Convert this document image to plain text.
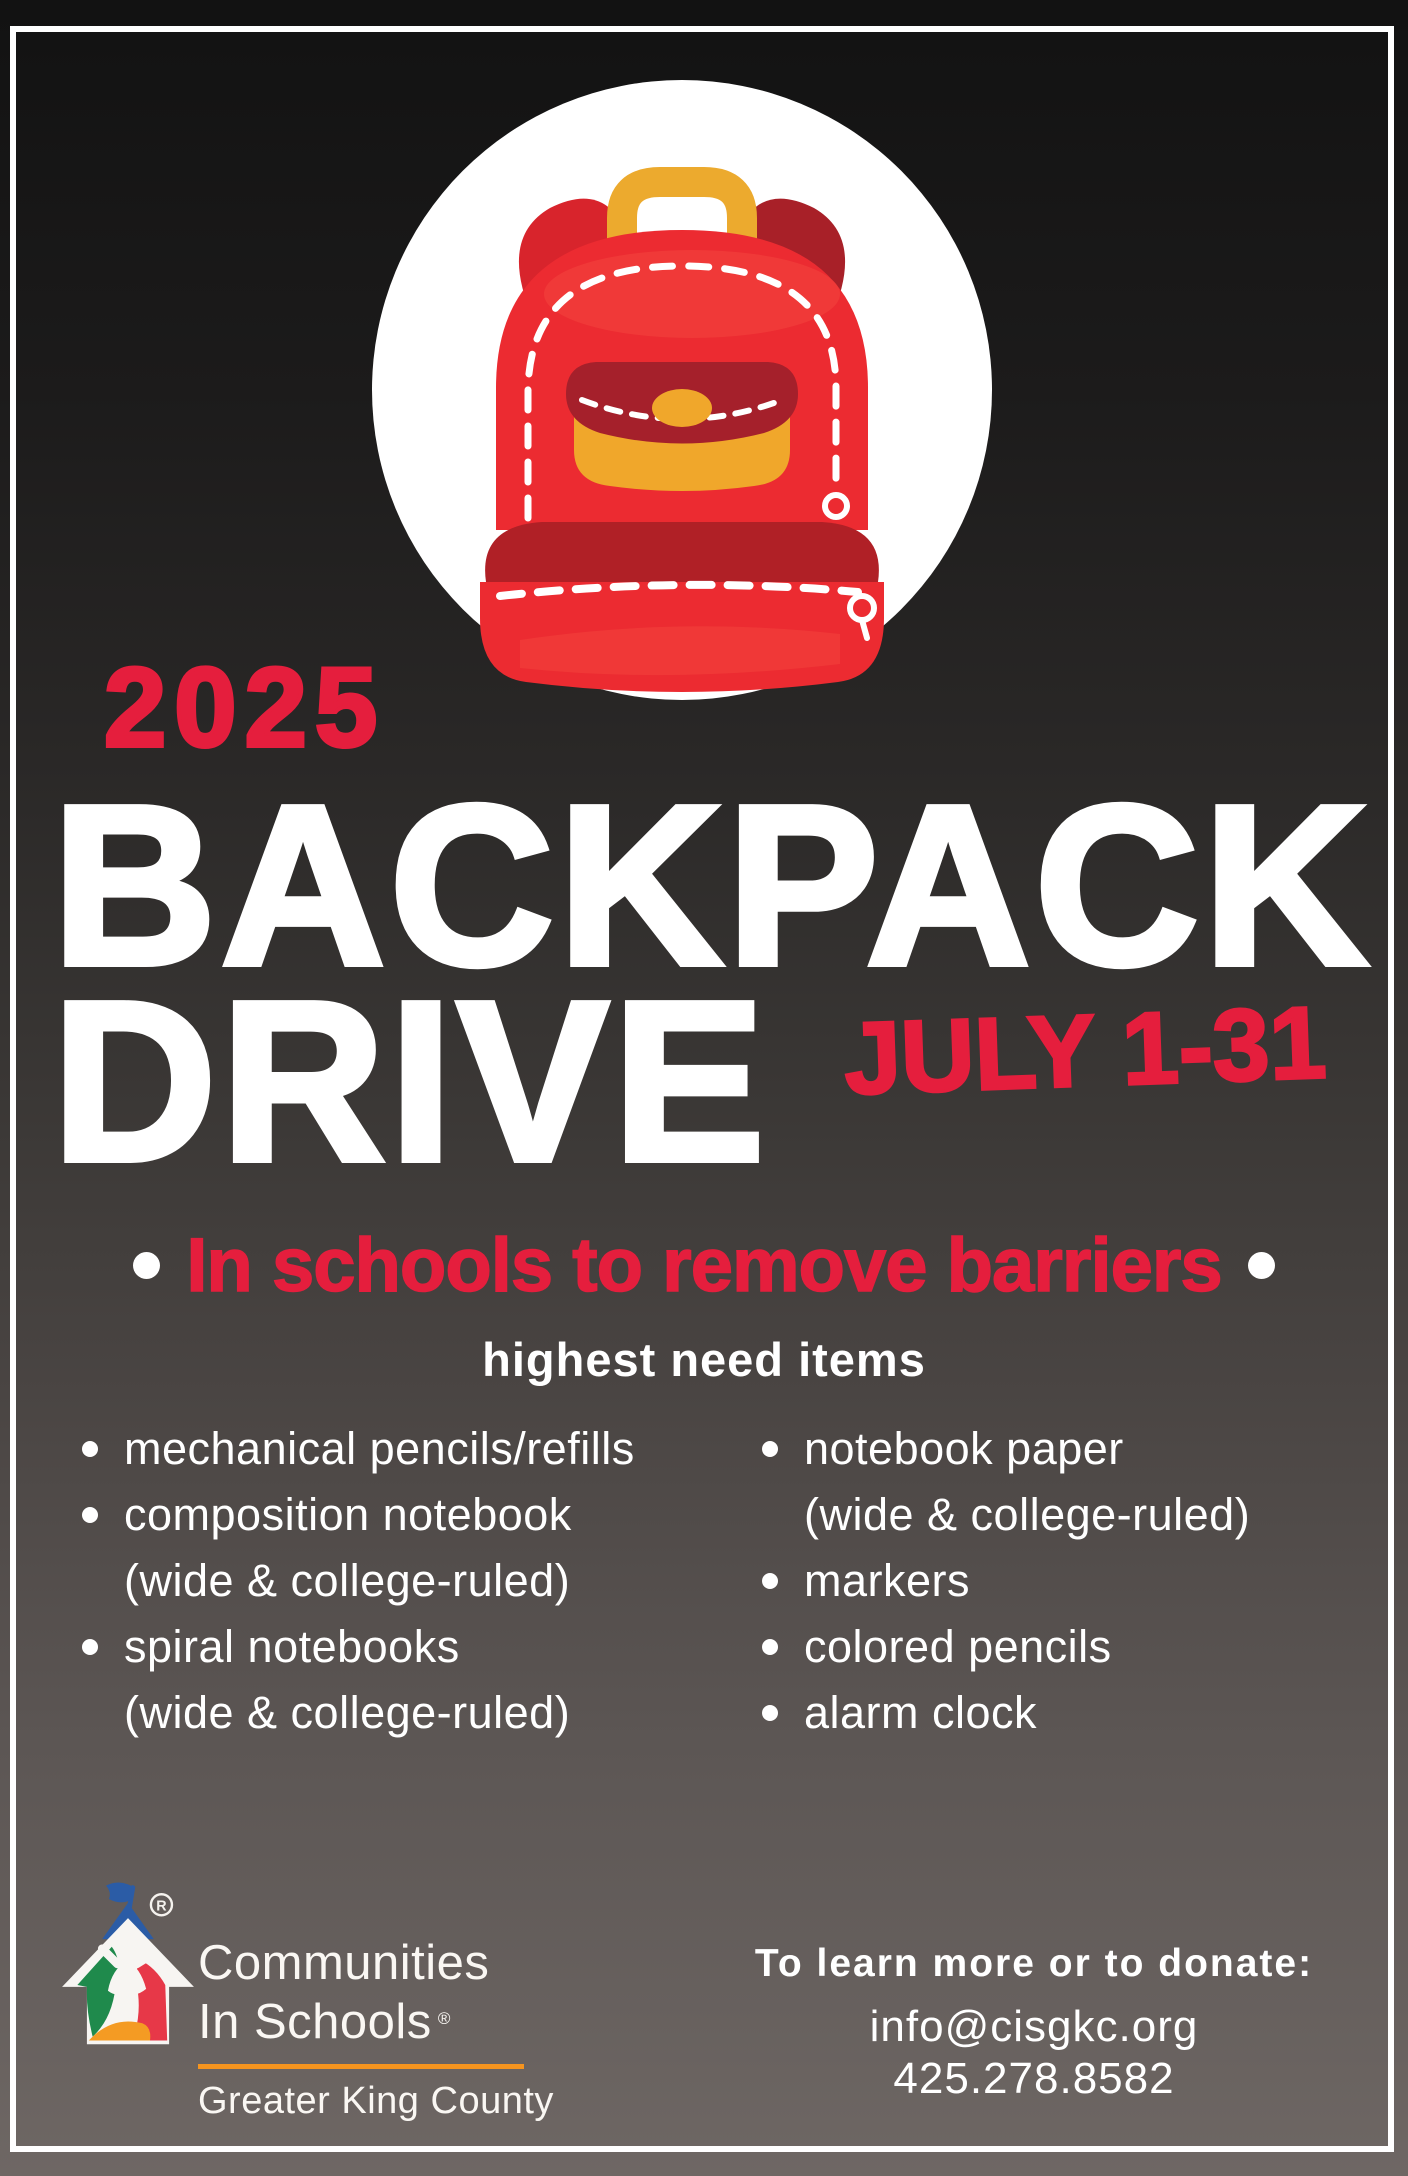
2025
BACKPACK
DRIVE JULY 1-31
In schools to remove barriers
highest need items
mechanical pencils/refills
composition notebook
(wide & college-ruled)
spiral notebooks
(wide & college-ruled)
notebook paper
(wide & college-ruled)
markers
colored pencils
alarm clock
R
Communities
In Schools ®
Greater King County
To learn more or to donate:
info@cisgkc.org
425.278.8582
